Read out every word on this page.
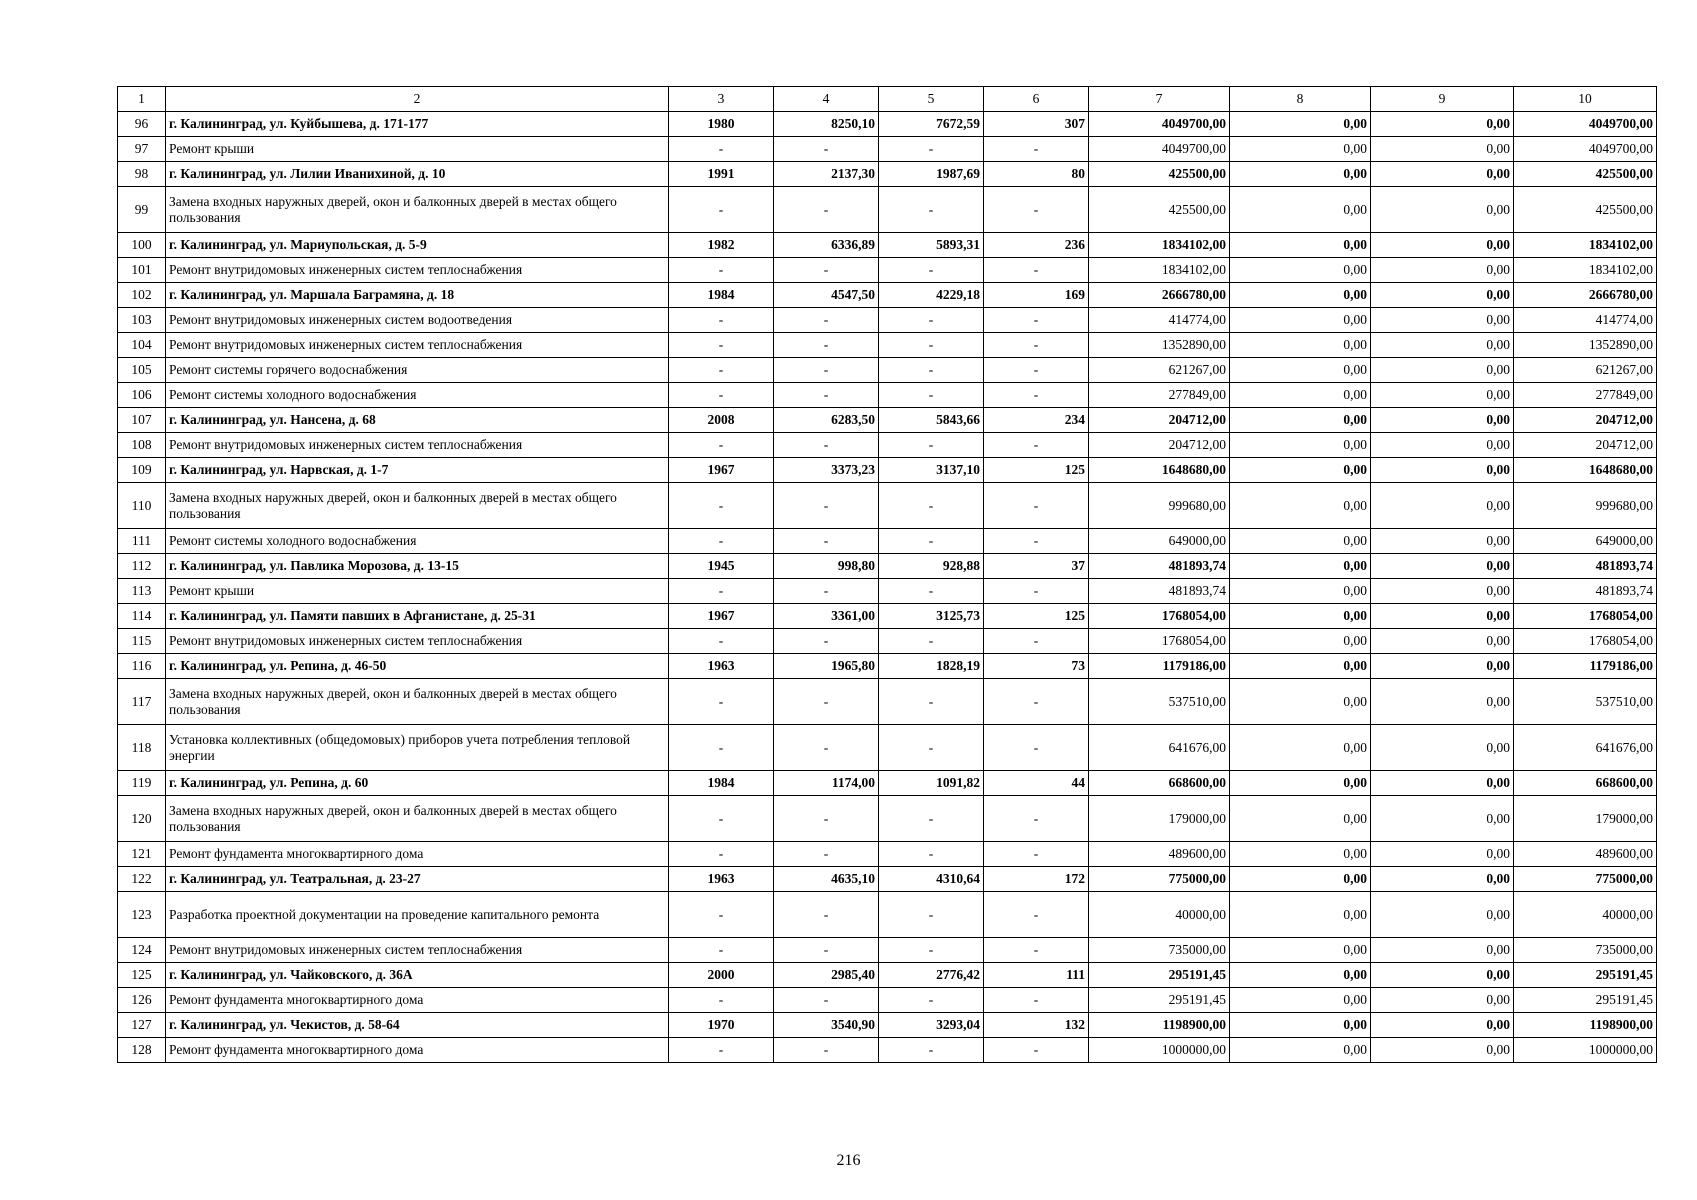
1	2	3	4	5	6	7	8	9	10
96	г. Калининград, ул. Куйбышева, д. 171-177	1980	8250,10	7672,59	307	4049700,00	0,00	0,00	4049700,00
97	Ремонт крыши	-	-	-	-	4049700,00	0,00	0,00	4049700,00
98	г. Калининград, ул. Лилии Иванихиной, д. 10	1991	2137,30	1987,69	80	425500,00	0,00	0,00	425500,00
99	Замена входных наружных дверей, окон и балконных дверей в местах общего пользования	-	-	-	-	425500,00	0,00	0,00	425500,00
100	г. Калининград, ул. Мариупольская, д. 5-9	1982	6336,89	5893,31	236	1834102,00	0,00	0,00	1834102,00
101	Ремонт внутридомовых инженерных систем теплоснабжения	-	-	-	-	1834102,00	0,00	0,00	1834102,00
102	г. Калининград, ул. Маршала Баграмяна, д. 18	1984	4547,50	4229,18	169	2666780,00	0,00	0,00	2666780,00
103	Ремонт внутридомовых инженерных систем водоотведения	-	-	-	-	414774,00	0,00	0,00	414774,00
104	Ремонт внутридомовых инженерных систем теплоснабжения	-	-	-	-	1352890,00	0,00	0,00	1352890,00
105	Ремонт системы горячего водоснабжения	-	-	-	-	621267,00	0,00	0,00	621267,00
106	Ремонт системы холодного водоснабжения	-	-	-	-	277849,00	0,00	0,00	277849,00
107	г. Калининград, ул. Нансена, д. 68	2008	6283,50	5843,66	234	204712,00	0,00	0,00	204712,00
108	Ремонт внутридомовых инженерных систем теплоснабжения	-	-	-	-	204712,00	0,00	0,00	204712,00
109	г. Калининград, ул. Нарвская, д. 1-7	1967	3373,23	3137,10	125	1648680,00	0,00	0,00	1648680,00
110	Замена входных наружных дверей, окон и балконных дверей в местах общего пользования	-	-	-	-	999680,00	0,00	0,00	999680,00
111	Ремонт системы холодного водоснабжения	-	-	-	-	649000,00	0,00	0,00	649000,00
112	г. Калининград, ул. Павлика Морозова, д. 13-15	1945	998,80	928,88	37	481893,74	0,00	0,00	481893,74
113	Ремонт крыши	-	-	-	-	481893,74	0,00	0,00	481893,74
114	г. Калининград, ул. Памяти павших в Афганистане, д. 25-31	1967	3361,00	3125,73	125	1768054,00	0,00	0,00	1768054,00
115	Ремонт внутридомовых инженерных систем теплоснабжения	-	-	-	-	1768054,00	0,00	0,00	1768054,00
116	г. Калининград, ул. Репина, д. 46-50	1963	1965,80	1828,19	73	1179186,00	0,00	0,00	1179186,00
117	Замена входных наружных дверей, окон и балконных дверей в местах общего пользования	-	-	-	-	537510,00	0,00	0,00	537510,00
118	Установка коллективных (общедомовых) приборов учета потребления тепловой энергии	-	-	-	-	641676,00	0,00	0,00	641676,00
119	г. Калининград, ул. Репина, д. 60	1984	1174,00	1091,82	44	668600,00	0,00	0,00	668600,00
120	Замена входных наружных дверей, окон и балконных дверей в местах общего пользования	-	-	-	-	179000,00	0,00	0,00	179000,00
121	Ремонт фундамента многоквартирного дома	-	-	-	-	489600,00	0,00	0,00	489600,00
122	г. Калининград, ул. Театральная, д. 23-27	1963	4635,10	4310,64	172	775000,00	0,00	0,00	775000,00
123	Разработка проектной документации на проведение капитального ремонта	-	-	-	-	40000,00	0,00	0,00	40000,00
124	Ремонт внутридомовых инженерных систем теплоснабжения	-	-	-	-	735000,00	0,00	0,00	735000,00
125	г. Калининград, ул. Чайковского, д. 36А	2000	2985,40	2776,42	111	295191,45	0,00	0,00	295191,45
126	Ремонт фундамента многоквартирного дома	-	-	-	-	295191,45	0,00	0,00	295191,45
127	г. Калининград, ул. Чекистов, д. 58-64	1970	3540,90	3293,04	132	1198900,00	0,00	0,00	1198900,00
128	Ремонт фундамента многоквартирного дома	-	-	-	-	1000000,00	0,00	0,00	1000000,00
216
